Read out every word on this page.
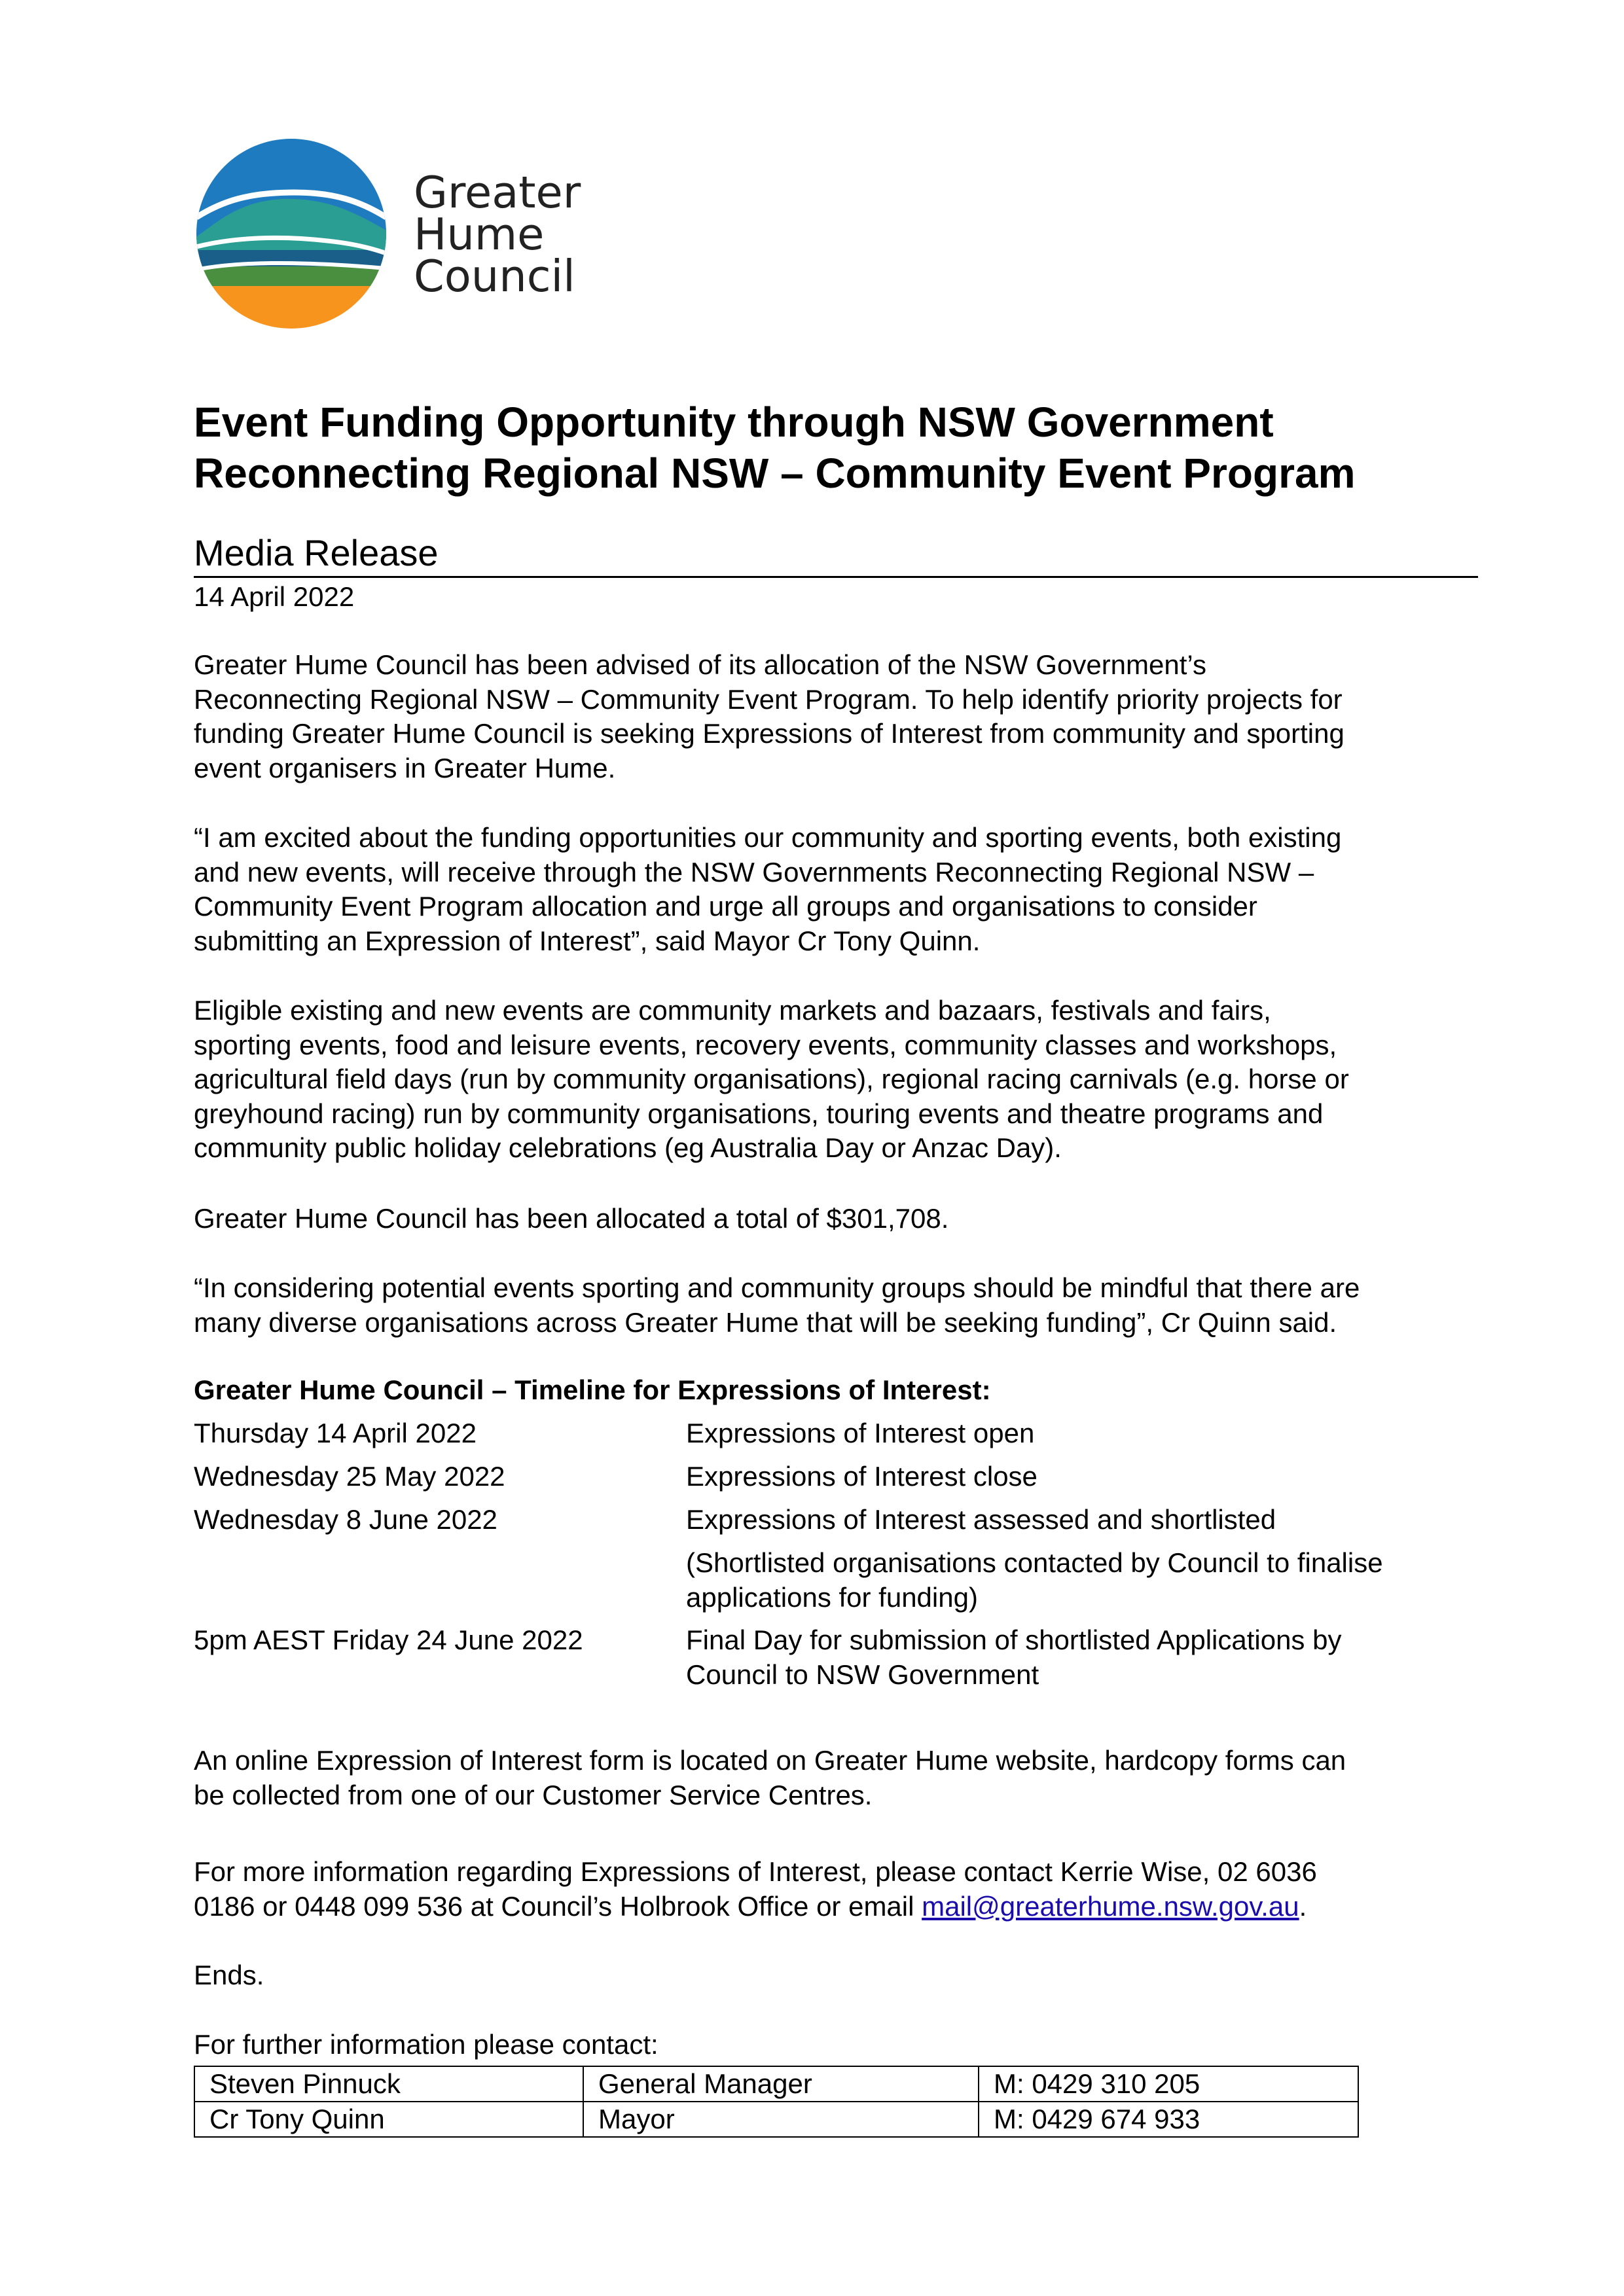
Greater
Hume
Council
Event Funding Opportunity through NSW Government
Reconnecting Regional NSW – Community Event Program
Media Release
14 April 2022

Greater Hume Council has been advised of its allocation of the NSW Government’s
Reconnecting Regional NSW – Community Event Program. To help identify priority projects for
funding Greater Hume Council is seeking Expressions of Interest from community and sporting
event organisers in Greater Hume.

“I am excited about the funding opportunities our community and sporting events, both existing
and new events, will receive through the NSW Governments Reconnecting Regional NSW –
Community Event Program allocation and urge all groups and organisations to consider
submitting an Expression of Interest”, said Mayor Cr Tony Quinn.

Eligible existing and new events are community markets and bazaars, festivals and fairs,
sporting events, food and leisure events, recovery events, community classes and workshops,
agricultural field days (run by community organisations), regional racing carnivals (e.g. horse or
greyhound racing) run by community organisations, touring events and theatre programs and
community public holiday celebrations (eg Australia Day or Anzac Day).

Greater Hume Council has been allocated a total of $301,708.

“In considering potential events sporting and community groups should be mindful that there are
many diverse organisations across Greater Hume that will be seeking funding”, Cr Quinn said.

Greater Hume Council – Timeline for Expressions of Interest:
Thursday 14 April 2022	Expressions of Interest open
Wednesday 25 May 2022	Expressions of Interest close
Wednesday 8 June 2022	Expressions of Interest assessed and shortlisted
(Shortlisted organisations contacted by Council to finalise
applications for funding)
5pm AEST Friday 24 June 2022	Final Day for submission of shortlisted Applications by
Council to NSW Government

An online Expression of Interest form is located on Greater Hume website, hardcopy forms can
be collected from one of our Customer Service Centres.

For more information regarding Expressions of Interest, please contact Kerrie Wise, 02 6036
0186 or 0448 099 536 at Council’s Holbrook Office or email mail@greaterhume.nsw.gov.au.

Ends.

For further information please contact:

Steven Pinnuck	General Manager	M: 0429 310 205
Cr Tony Quinn	Mayor	M: 0429 674 933
